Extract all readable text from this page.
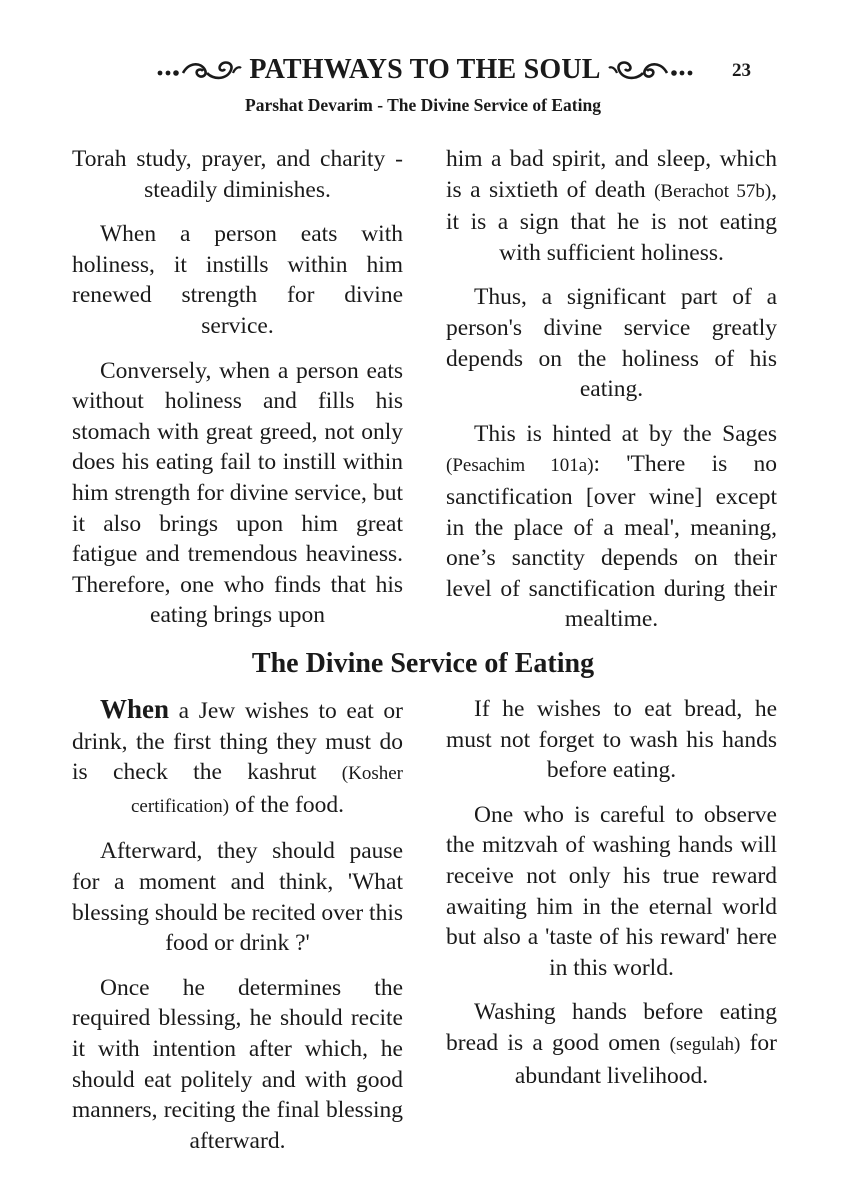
PATHWAYS TO THE SOUL	23
Parshat Devarim - The Divine Service of Eating

Torah study, prayer, and charity - steadily diminishes.

When a person eats with holiness, it instills within him renewed strength for divine service.

Conversely, when a person eats without holiness and fills his stomach with great greed, not only does his eating fail to instill within him strength for divine service, but it also brings upon him great fatigue and tremendous heaviness. Therefore, one who finds that his eating brings upon

him a bad spirit, and sleep, which is a sixtieth of death (Berachot 57b), it is a sign that he is not eating with sufficient holiness.

Thus, a significant part of a person's divine service greatly depends on the holiness of his eating.

This is hinted at by the Sages (Pesachim 101a): 'There is no sanctification [over wine] except in the place of a meal', meaning, one’s sanctity depends on their level of sanctification during their mealtime.

The Divine Service of Eating

When a Jew wishes to eat or drink, the first thing they must do is check the kashrut (Kosher certification) of the food.

Afterward, they should pause for a moment and think, 'What blessing should be recited over this food or drink ?'

Once he determines the required blessing, he should recite it with intention after which, he should eat politely and with good manners, reciting the final blessing afterward.

If he wishes to eat bread, he must not forget to wash his hands before eating.

One who is careful to observe the mitzvah of washing hands will receive not only his true reward awaiting him in the eternal world but also a 'taste of his reward' here in this world.

Washing hands before eating bread is a good omen (segulah) for abundant livelihood.
